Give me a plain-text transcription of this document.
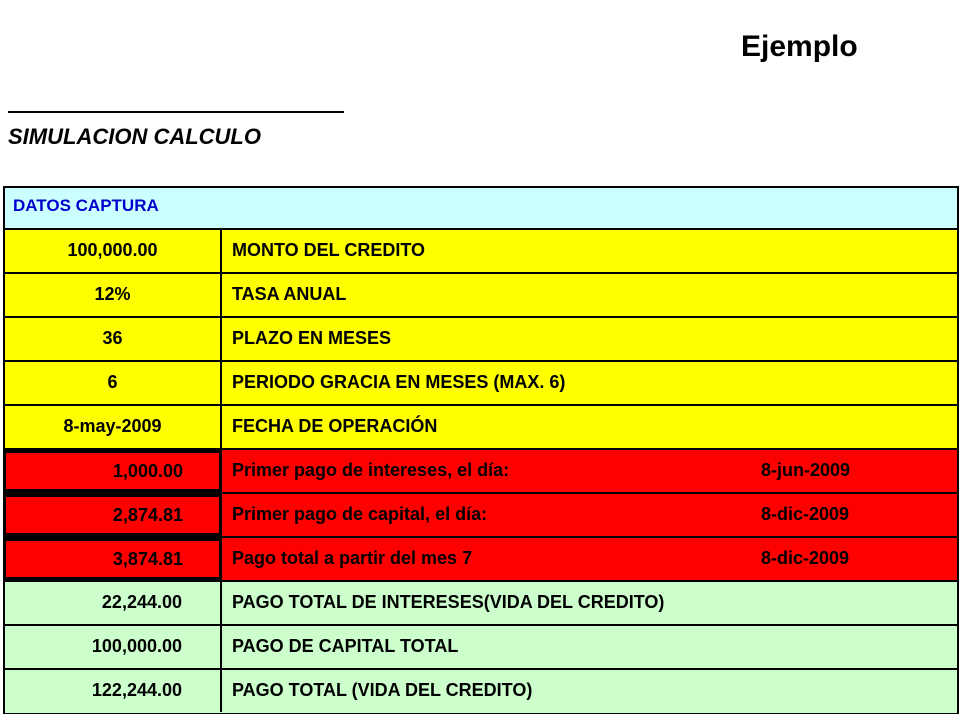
Ejemplo
SIMULACION CALCULO
DATOS CAPTURA
100,000.00	MONTO DEL CREDITO
12%	TASA ANUAL
36	PLAZO EN MESES
6	PERIODO GRACIA EN MESES (MAX. 6)
8-may-2009	FECHA DE OPERACIÓN
1,000.00	Primer pago de intereses, el día:	8-jun-2009
2,874.81	Primer pago de capital, el día:	8-dic-2009
3,874.81	Pago total a partir del mes 7	8-dic-2009
22,244.00	PAGO TOTAL DE INTERESES(VIDA DEL CREDITO)
100,000.00	PAGO DE CAPITAL TOTAL
122,244.00	PAGO TOTAL (VIDA DEL CREDITO)
